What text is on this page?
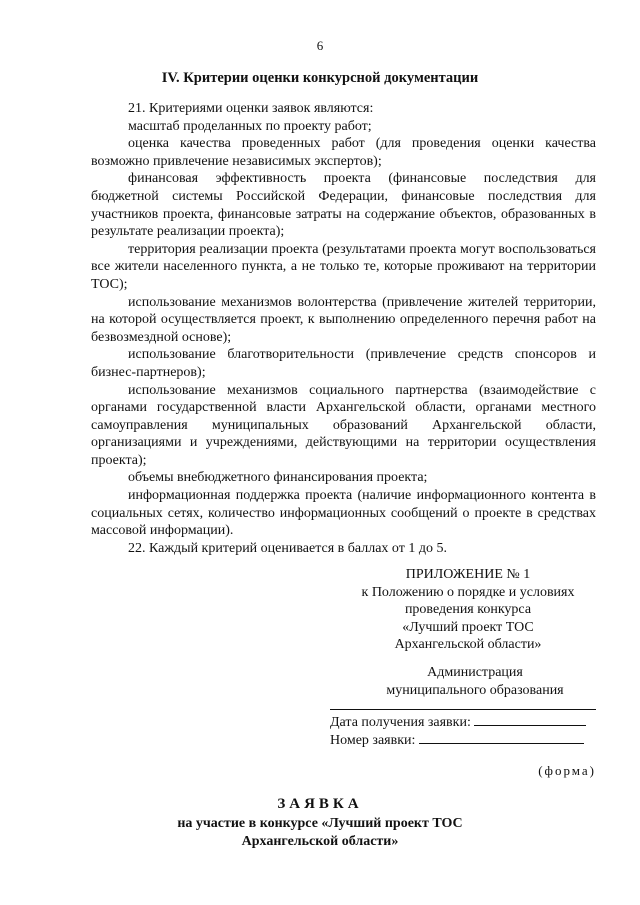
6
IV. Критерии оценки конкурсной документации

21. Критериями оценки заявок являются:

масштаб проделанных по проекту работ;

оценка качества проведенных работ (для проведения оценки качества возможно привлечение независимых экспертов);

финансовая эффективность проекта (финансовые последствия для бюджетной системы Российской Федерации, финансовые последствия для участников проекта, финансовые затраты на содержание объектов, образованных в результате реализации проекта);

территория реализации проекта (результатами проекта могут воспользоваться все жители населенного пункта, а не только те, которые проживают на территории ТОС);

использование механизмов волонтерства (привлечение жителей территории, на которой осуществляется проект, к выполнению определенного перечня работ на безвозмездной основе);

использование благотворительности (привлечение средств спонсоров и бизнес-партнеров);

использование механизмов социального партнерства (взаимодействие с органами государственной власти Архангельской области, органами местного самоуправления муниципальных образований Архангельской области, организациями и учреждениями, действующими на территории осуществления проекта);

объемы внебюджетного финансирования проекта;

информационная поддержка проекта (наличие информационного контента в социальных сетях, количество информационных сообщений о проекте в средствах массовой информации).

22. Каждый критерий оценивается в баллах от 1 до 5.

ПРИЛОЖЕНИЕ № 1
к Положению о порядке и условиях
проведения конкурса
«Лучший проект ТОС
Архангельской области»
Администрация
муниципального образования
Дата получения заявки:
Номер заявки:
(форма)
ЗАЯВКА
на участие в конкурсе «Лучший проект ТОС
Архангельской области»
